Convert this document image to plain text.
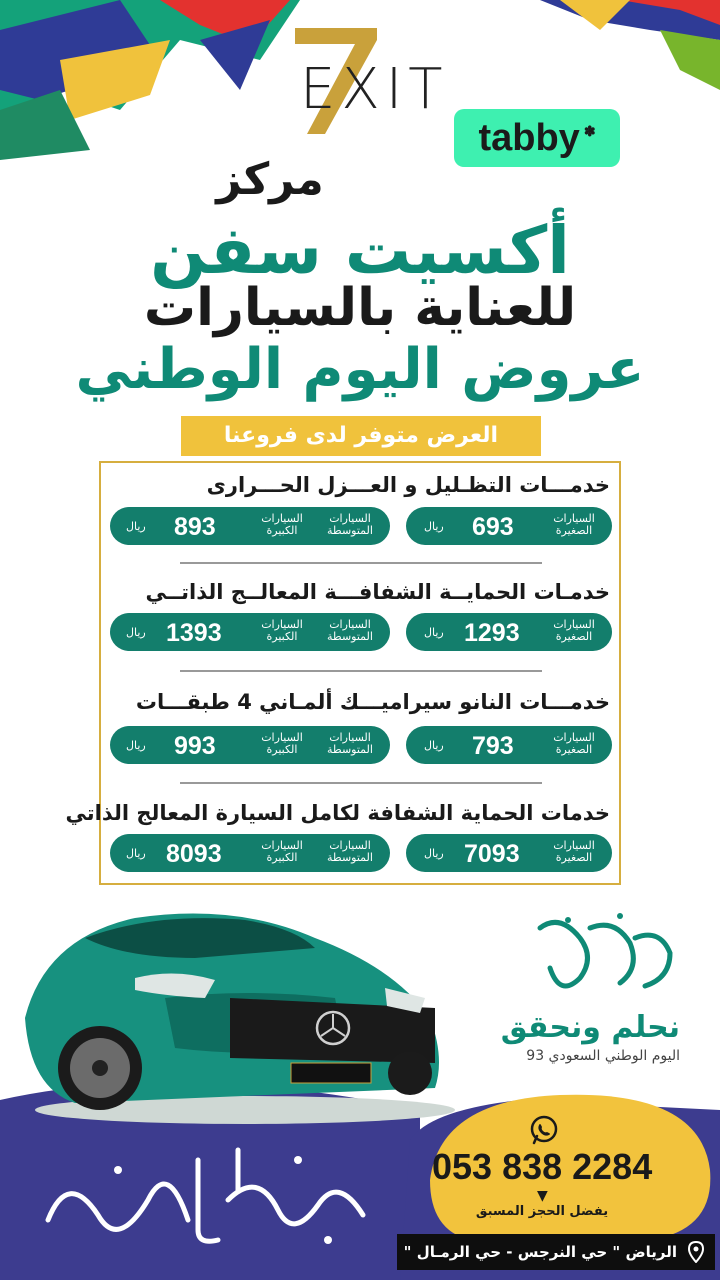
EXIT
tabby ✽
مركز
أكسيت سفن
للعناية بالسيارات
عروض اليوم الوطني
العرض متوفر لدى فروعنا
خدمـــات التظـليل و العـــزل الحـــرارى
السيارات
الصغيرة
693
ريال
السيارات
المتوسطة
السيارات
الكبيرة
893
ريال
خدمـات الحمايــة الشفافـــة المعالــج الذاتــي
السيارات
الصغيرة
1293
ريال
السيارات
المتوسطة
السيارات
الكبيرة
1393
ريال
خدمـــات النانو سيراميـــك ألمـاني 4 طبقـــات
السيارات
الصغيرة
793
ريال
السيارات
المتوسطة
السيارات
الكبيرة
993
ريال
خدمات الحماية الشفافة لكامل السيارة المعالج الذاتي
السيارات
الصغيرة
7093
ريال
السيارات
المتوسطة
السيارات
الكبيرة
8093
ريال
نحلم ونحقق
اليوم الوطني السعودي 93
053 838 2284
▼
يفضل الحجز المسبق
الرياض " حي النرجس - حي الرمـال "
